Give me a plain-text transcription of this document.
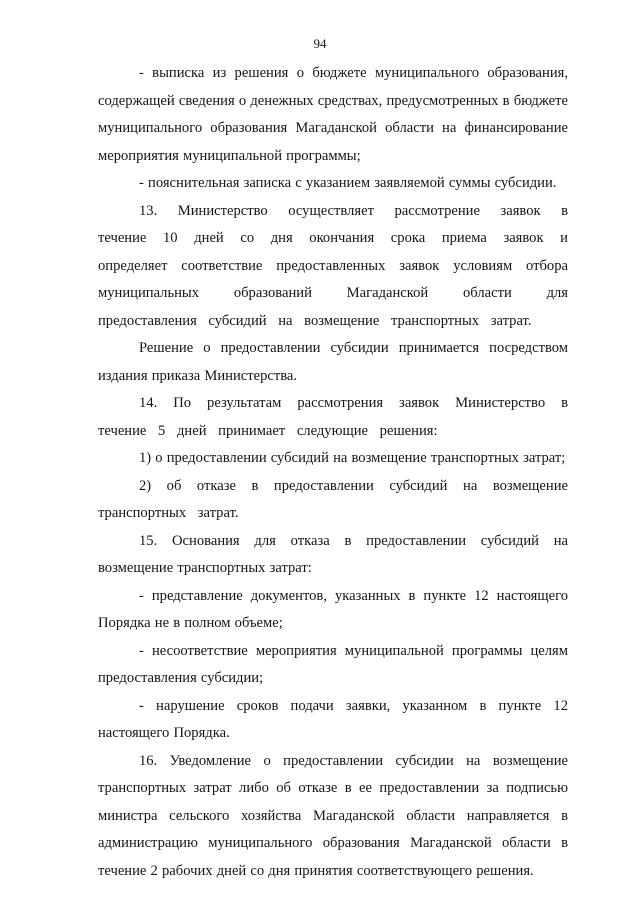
94

- выписка из решения о бюджете муниципального образования, содержащей сведения о денежных средствах, предусмотренных в бюджете муниципального образования Магаданской области на финансирование мероприятия муниципальной программы;

- пояснительная записка с указанием заявляемой суммы субсидии.

13. Министерство осуществляет рассмотрение заявок в течение 10 дней со дня окончания срока приема заявок и определяет соответствие предоставленных заявок условиям отбора муниципальных образований Магаданской области для предоставления субсидий на возмещение транспортных затрат.

Решение о предоставлении субсидии принимается посредством издания приказа Министерства.

14. По результатам рассмотрения заявок Министерство в течение 5 дней принимает следующие решения:

1) о предоставлении субсидий на возмещение транспортных затрат;

2) об отказе в предоставлении субсидий на возмещение транспортных затрат.

15. Основания для отказа в предоставлении субсидий на возмещение транспортных затрат:

- представление документов, указанных в пункте 12 настоящего Порядка не в полном объеме;

- несоответствие мероприятия муниципальной программы целям предоставления субсидии;

- нарушение сроков подачи заявки, указанном в пункте 12 настоящего Порядка.

16. Уведомление о предоставлении субсидии на возмещение транспортных затрат либо об отказе в ее предоставлении за подписью министра сельского хозяйства Магаданской области направляется в администрацию муниципального образования Магаданской области в течение 2 рабочих дней со дня принятия соответствующего решения.
